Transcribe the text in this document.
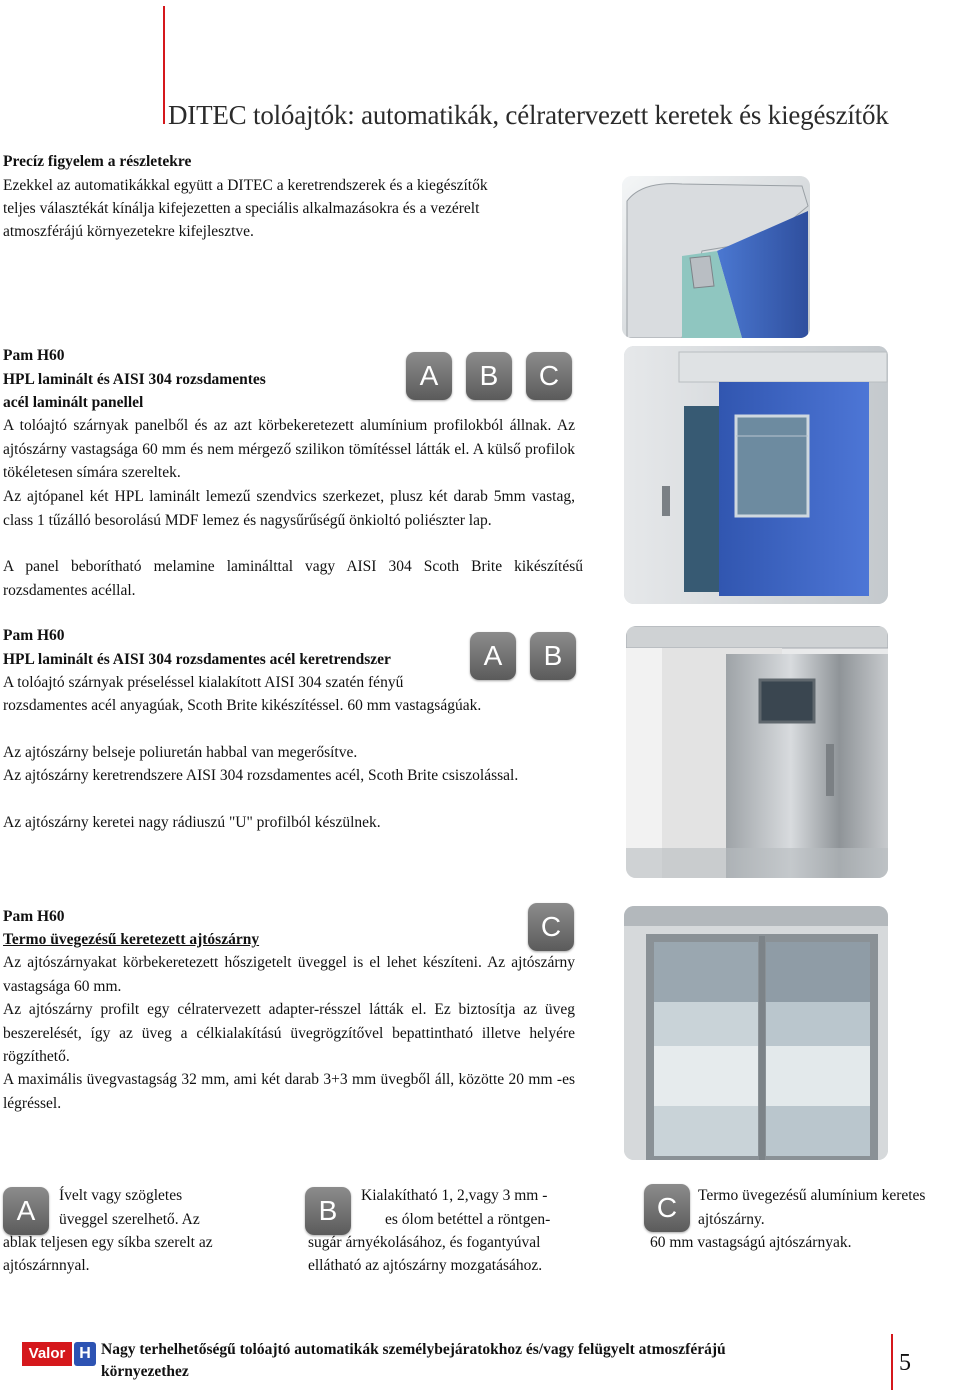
DITEC tolóajtók: automatikák, célratervezett keretek és kiegészítők
Precíz figyelem a részletekre
Ezekkel az automatikákkal együtt a DITEC a keretrendszerek és a kiegészítők
teljes választékát kínálja kifejezetten a speciális alkalmazásokra és a vezérelt
atmoszférájú környezetekre kifejlesztve.
Pam H60
HPL laminált és AISI 304 rozsdamentes
acél laminált panellel
A	B	C
A tolóajtó szárnyak panelből és az azt körbekeretezett alumínium profilokból állnak. Az ajtószárny vastagsága 60 mm és nem mérgező szilikon tömítéssel látták el. A külső profilok tökéletesen símára szereltek.
Az ajtópanel két HPL laminált lemezű szendvics szerkezet, plusz két darab 5mm vastag, class 1 tűzálló besorolású MDF lemez és nagysűrűségű önkioltó poliészter lap.
A panel beborítható melamine laminálttal vagy AISI 304 Scoth Brite kikészítésű rozsdamentes acéllal.
Pam H60
HPL laminált és AISI 304 rozsdamentes acél keretrendszer	A	B
A tolóajtó szárnyak préseléssel kialakított AISI 304 szatén fényű
rozsdamentes acél anyagúak, Scoth Brite kikészítéssel. 60 mm vastagságúak.
Az ajtószárny belseje poliuretán habbal van megerősítve.
Az ajtószárny keretrendszere AISI 304 rozsdamentes acél, Scoth Brite csiszolással.
Az ajtószárny keretei nagy rádiuszú "U" profilból készülnek.
Pam H60
Termo üvegezésű keretezett ajtószárny	C
Az ajtószárnyakat körbekeretezett hőszigetelt üveggel is el lehet készíteni. Az ajtószárny vastagsága 60 mm.
Az ajtószárny profilt egy célratervezett adapter-résszel látták el. Ez biztosítja az üveg beszerelését, így az üveg a célkialakítású üvegrögzítővel bepattintható illetve helyére rögzíthető.
A maximális üvegvastagság 32 mm, ami két darab 3+3 mm üvegből áll, közötte 20 mm -es légréssel.
A	Ívelt vagy szögletes
üveggel szerelhető. Az
ablak teljesen egy síkba szerelt az
ajtószárnnyal.
B	Kialakítható 1, 2,vagy 3 mm -
es ólom betéttel a röntgen-
sugár árnyékolásához, és fogantyúval
ellátható az ajtószárny mozgatásához.
C	Termo üvegezésű alumínium keretes
ajtószárny.
60 mm vastagságú ajtószárnyak.
Valor H Nagy terhelhetőségű tolóajtó automatikák személybejáratokhoz és/vagy felügyelt atmoszférájú
környezethez	5
